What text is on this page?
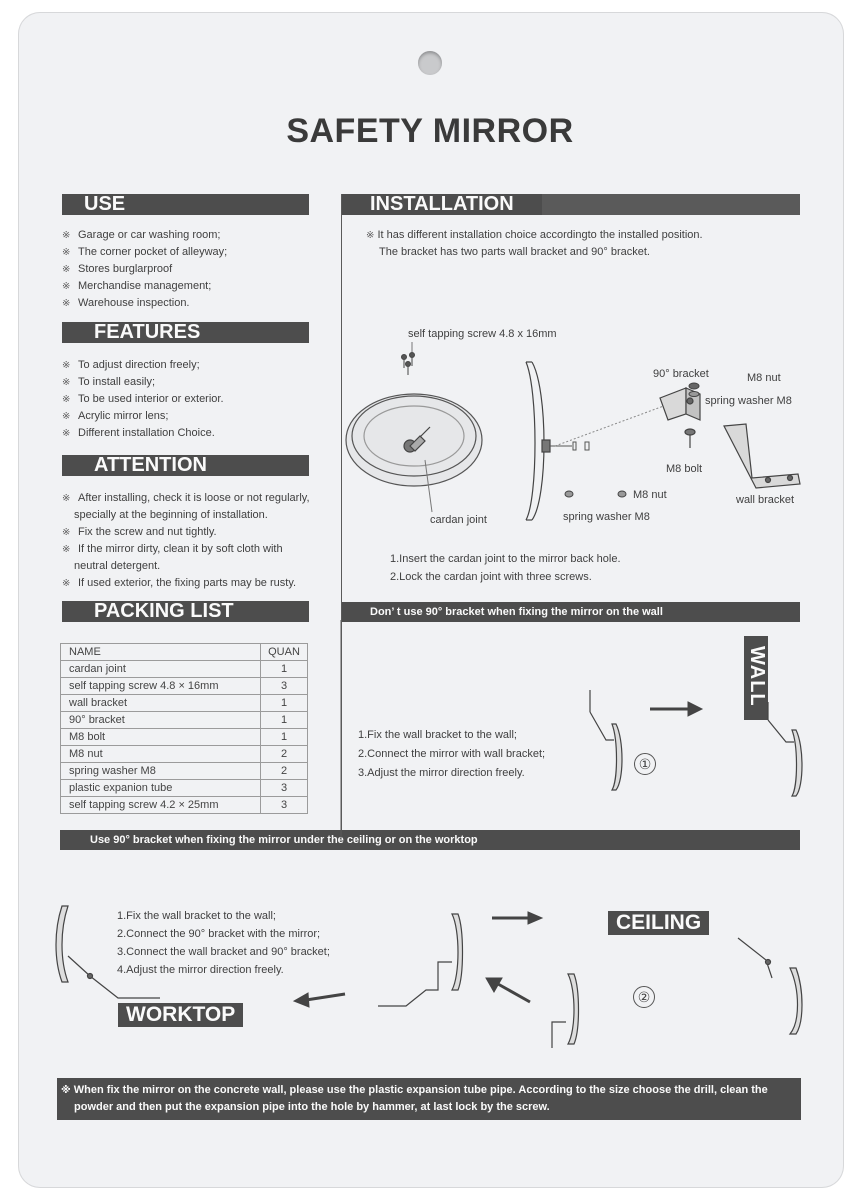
SAFETY MIRROR
USE
※ Garage or car washing room;
※ The corner pocket of alleyway;
※ Stores burglarproof
※ Merchandise management;
※ Warehouse inspection.
FEATURES
※ To adjust direction freely;
※ To install easily;
※ To be used interior or exterior.
※ Acrylic mirror lens;
※ Different installation Choice.
ATTENTION
※ After installing, check it is loose or not regularly,
specially at the beginning of installation.
※ Fix the screw and nut tightly.
※ If the mirror dirty, clean it by soft cloth with
neutral detergent.
※ If used exterior, the fixing parts may be rusty.
PACKING LIST
NAME	QUAN
cardan joint	1
self tapping screw 4.8 × 16mm	3
wall bracket	1
90° bracket	1
M8 bolt	1
M8 nut	2
spring washer M8	2
plastic expanion tube	3
self tapping screw 4.2 × 25mm	3
INSTALLATION
※ It has different installation choice accordingto the installed position.
The bracket has two parts wall bracket and 90° bracket.
self tapping screw 4.8 x 16mm
90° bracket	M8 nut
spring washer M8
M8 bolt
wall bracket
M8 nut
spring washer M8
cardan joint
1.Insert the cardan joint to the mirror back hole.
2.Lock the cardan joint with three screws.
Don’ t use 90° bracket when fixing the mirror on the wall
1.Fix the wall bracket to the wall;
2.Connect the mirror with wall bracket;
3.Adjust the mirror direction freely.
①
WALL
Use 90° bracket when fixing the mirror under the ceiling or on the worktop
1.Fix the wall bracket to the wall;
2.Connect the 90° bracket with the mirror;
3.Connect the wall bracket and 90° bracket;
4.Adjust the mirror direction freely.
CEILING
WORKTOP
②
※ When fix the mirror on the concrete wall, please use the plastic expansion tube pipe. According to the size choose the drill, clean the
powder and then put the expansion pipe into the hole by hammer, at last lock by the screw.
